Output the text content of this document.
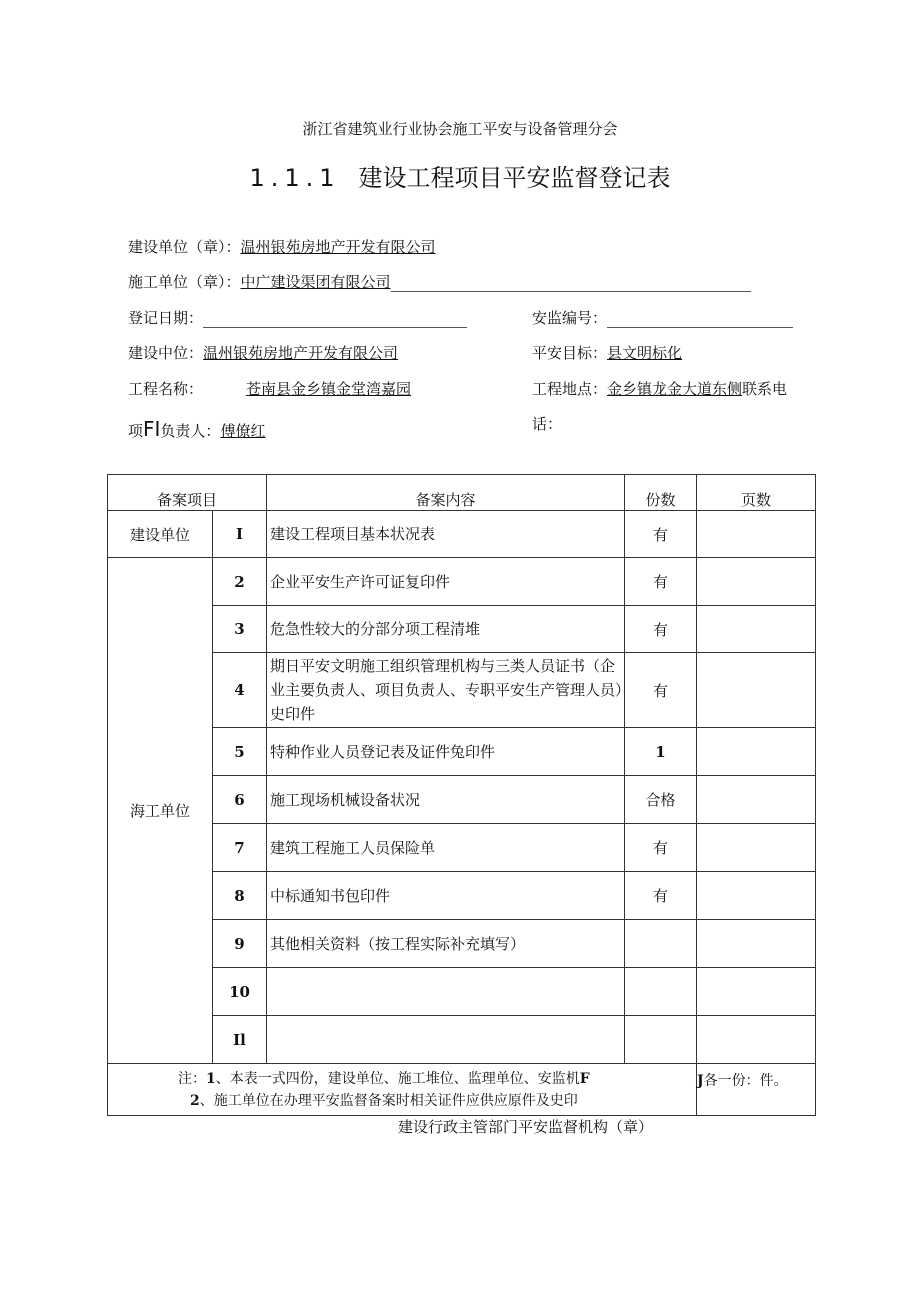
浙江省建筑业行业协会施工平安与设备管理分会
1.1.1 建设工程项目平安监督登记表
建设单位（章）：温州银苑房地产开发有限公司
施工单位（章）：中广建设渠团有限公司
登记日期：	安监编号：
建设中位：温州银苑房地产开发有限公司	平安目标：县文明标化
工程名称：	苍南县金乡镇金堂湾嘉园	工程地点：金乡镇龙金大道东侧联系电
话：
项FI负责人：傅僚红
备案项目		备案内容	份数	页数
建设单位	I	建设工程项目基本状况表	有	
海工单位	2	企业平安生产许可证复印件	有	
	3	危急性较大的分部分项工程清堆	有	
	4	期日平安文明施工组织管理机构与三类人员证书（企业主要负责人、项目负责人、专职平安生产管理人员）史印件	有	
	5	特种作业人员登记表及证件兔印件	1	
	6	施工现场机械设备状况	合格	
	7	建筑工程施工人员保险单	有	
	8	中标通知书包印件	有	
	9	其他相关资料（按工程实际补充填写）		
	10			
	Il			

注：1、本表一式四份，建设单位、施工堆位、监理单位、安监机F
2、施工单位在办理平安监督备案时相关证件应供应原件及史印				J各一份：件。
建设行政主管部门平安监督机构（章）
